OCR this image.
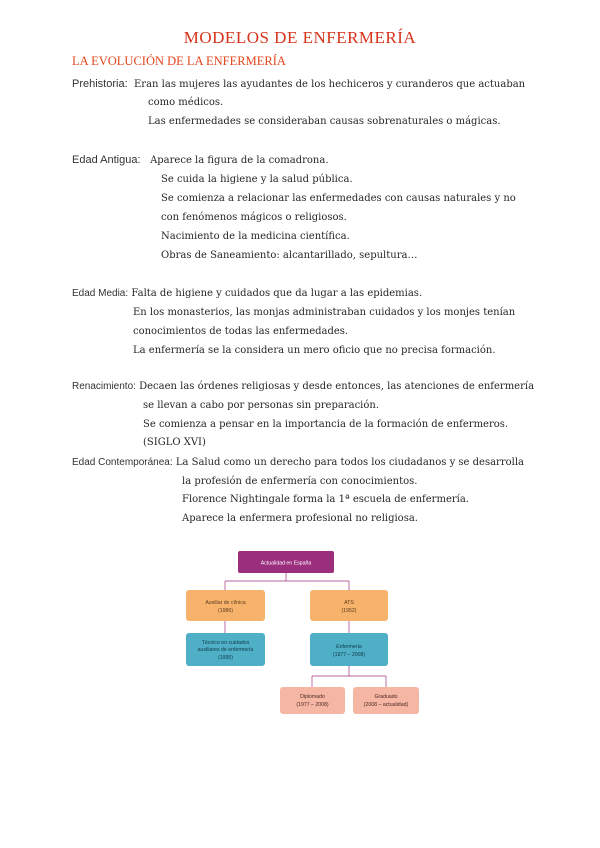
MODELOS DE ENFERMERÍA
LA EVOLUCIÓN DE LA ENFERMERÍA
Prehistoria: Eran las mujeres las ayudantes de los hechiceros y curanderos que actuaban
como médicos.
Las enfermedades se consideraban causas sobrenaturales o mágicas.
Edad Antigua: Aparece la figura de la comadrona.
Se cuida la higiene y la salud pública.
Se comienza a relacionar las enfermedades con causas naturales y no
con fenómenos mágicos o religiosos.
Nacimiento de la medicina científica.
Obras de Saneamiento: alcantarillado, sepultura…
Edad Media: Falta de higiene y cuidados que da lugar a las epidemias.
En los monasterios, las monjas administraban cuidados y los monjes tenían
conocimientos de todas las enfermedades.
La enfermería se la considera un mero oficio que no precisa formación.
Renacimiento: Decaen las órdenes religiosas y desde entonces, las atenciones de enfermería
se llevan a cabo por personas sin preparación.
Se comienza a pensar en la importancia de la formación de enfermeros.
(SIGLO XVI)
Edad Contemporánea: La Salud como un derecho para todos los ciudadanos y se desarrolla
la profesión de enfermería con conocimientos.
Florence Nightingale forma la 1ª escuela de enfermería.
Aparece la enfermera profesional no religiosa.
Actualidad en España
Auxiliar de clínica
(1986)
ATS
(1952)
Técnico en cuidados
auxiliares de enfermería
(1995)
Enfermería
(1977 – 2008)
Diplomado
(1977 – 2008)
Graduado
(2008 – actualidad)
